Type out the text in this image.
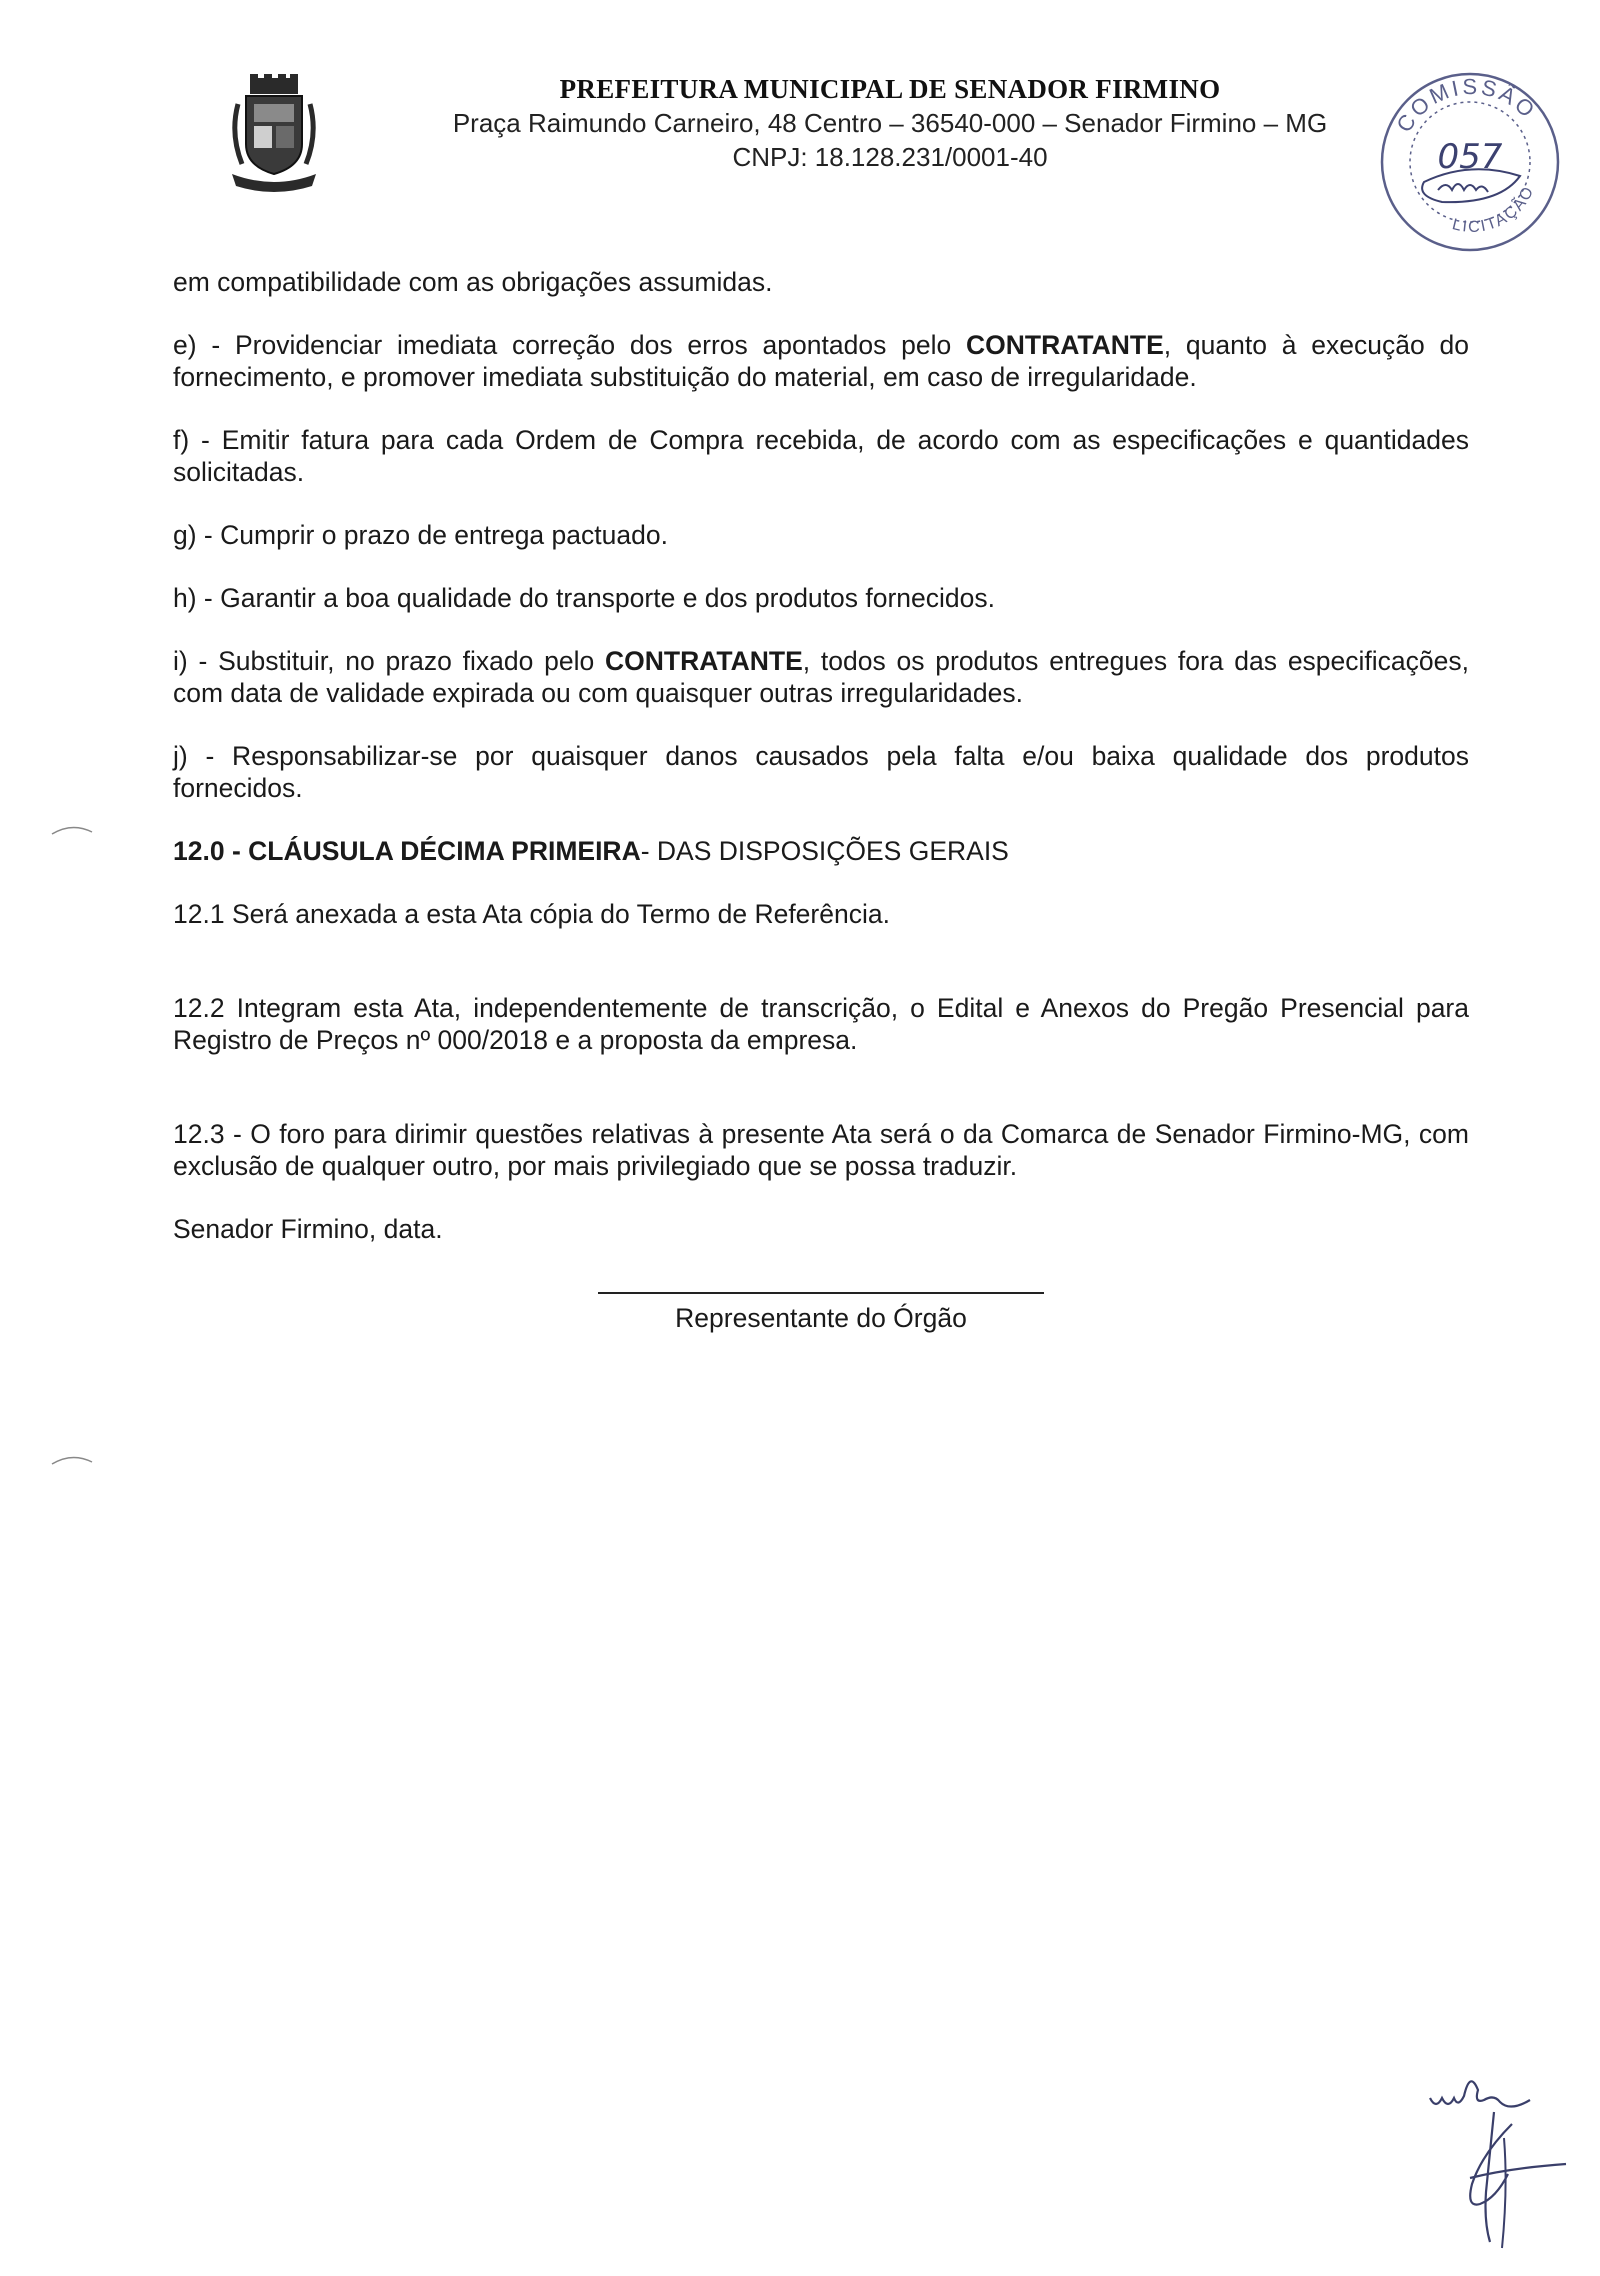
PREFEITURA MUNICIPAL DE SENADOR FIRMINO
Praça Raimundo Carneiro, 48 Centro – 36540-000 – Senador Firmino – MG
CNPJ: 18.128.231/0001-40
COMISSÃO
057
LICITAÇÃO

em compatibilidade com as obrigações assumidas.

e) - Providenciar imediata correção dos erros apontados pelo CONTRATANTE, quanto à execução do fornecimento, e promover imediata substituição do material, em caso de irregularidade.

f) - Emitir fatura para cada Ordem de Compra recebida, de acordo com as especificações e quantidades solicitadas.

g) - Cumprir o prazo de entrega pactuado.

h) - Garantir a boa qualidade do transporte e dos produtos fornecidos.

i) - Substituir, no prazo fixado pelo CONTRATANTE, todos os produtos entregues fora das especificações, com data de validade expirada ou com quaisquer outras irregularidades.

j) - Responsabilizar-se por quaisquer danos causados pela falta e/ou baixa qualidade dos produtos fornecidos.

12.0 - CLÁUSULA DÉCIMA PRIMEIRA- DAS DISPOSIÇÕES GERAIS

12.1 Será anexada a esta Ata cópia do Termo de Referência.

12.2 Integram esta Ata, independentemente de transcrição, o Edital e Anexos do Pregão Presencial para Registro de Preços nº 000/2018 e a proposta da empresa.

12.3 - O foro para dirimir questões relativas à presente Ata será o da Comarca de Senador Firmino-MG, com exclusão de qualquer outro, por mais privilegiado que se possa traduzir.

Senador Firmino, data.

Representante do Órgão
